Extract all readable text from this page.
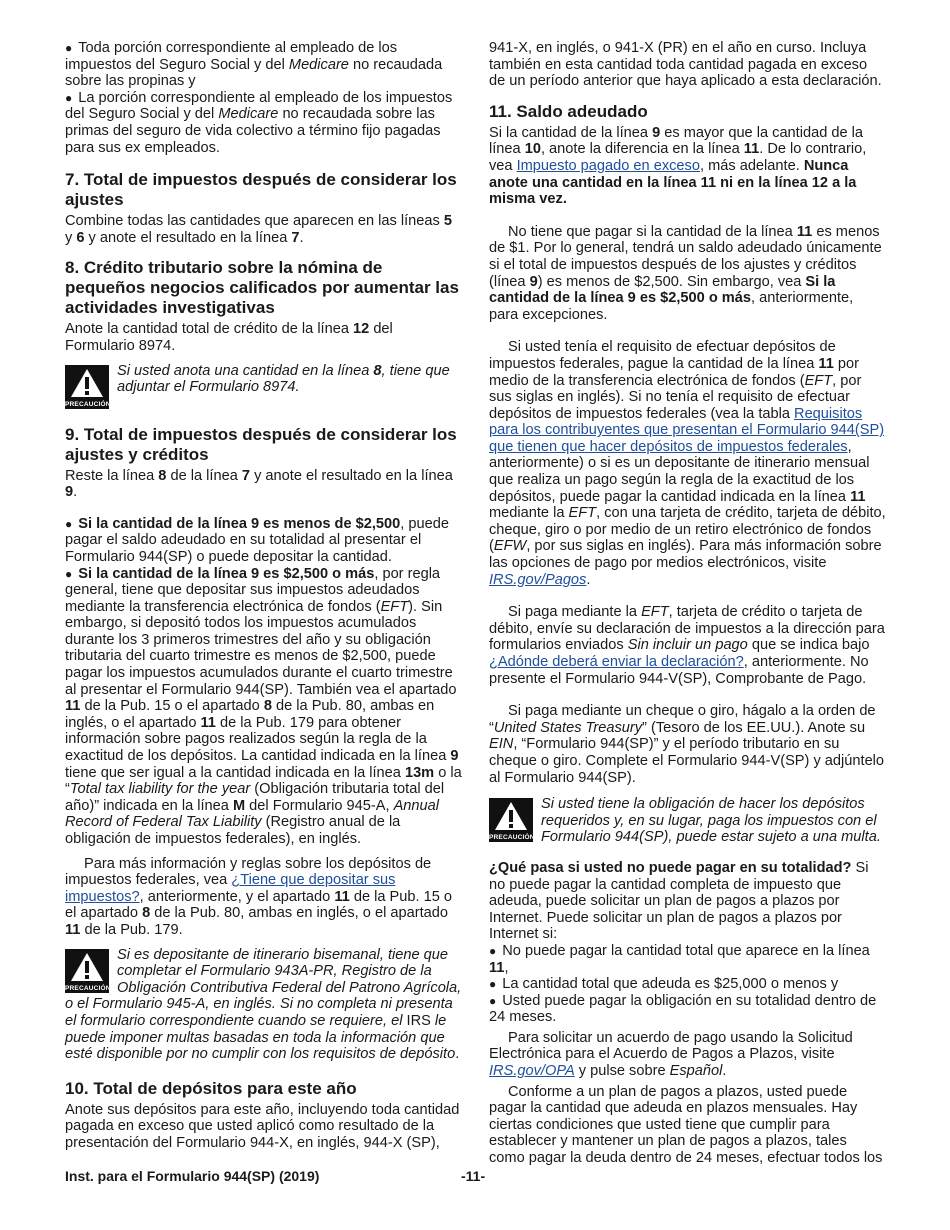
● Toda porción correspondiente al empleado de los impuestos del Seguro Social y del Medicare no recaudada sobre las propinas y

● La porción correspondiente al empleado de los impuestos del Seguro Social y del Medicare no recaudada sobre las primas del seguro de vida colectivo a término fijo pagadas para sus ex empleados.

7. Total de impuestos después de considerar los ajustes

Combine todas las cantidades que aparecen en las líneas 5 y 6 y anote el resultado en la línea 7.

8. Crédito tributario sobre la nómina de pequeños negocios calificados por aumentar las actividades investigativas

Anote la cantidad total de crédito de la línea 12 del Formulario 8974.

PRECAUCIÓN

Si usted anota una cantidad en la línea 8, tiene que adjuntar el Formulario 8974.

9. Total de impuestos después de considerar los ajustes y créditos

Reste la línea 8 de la línea 7 y anote el resultado en la línea 9.

● Si la cantidad de la línea 9 es menos de $2,500, puede pagar el saldo adeudado en su totalidad al presentar el Formulario 944(SP) o puede depositar la cantidad.

● Si la cantidad de la línea 9 es $2,500 o más, por regla general, tiene que depositar sus impuestos adeudados mediante la transferencia electrónica de fondos (EFT). Sin embargo, si depositó todos los impuestos acumulados durante los 3 primeros trimestres del año y su obligación tributaria del cuarto trimestre es menos de $2,500, puede pagar los impuestos acumulados durante el cuarto trimestre al presentar el Formulario 944(SP). También vea el apartado 11 de la Pub. 15 o el apartado 8 de la Pub. 80, ambas en inglés, o el apartado 11 de la Pub. 179 para obtener información sobre pagos realizados según la regla de la exactitud de los depósitos. La cantidad indicada en la línea 9 tiene que ser igual a la cantidad indicada en la línea 13m o la “Total tax liability for the year (Obligación tributaria total del año)” indicada en la línea M del Formulario 945-A, Annual Record of Federal Tax Liability (Registro anual de la obligación de impuestos federales), en inglés.

Para más información y reglas sobre los depósitos de impuestos federales, vea ¿Tiene que depositar sus impuestos?, anteriormente, y el apartado 11 de la Pub. 15 o el apartado 8 de la Pub. 80, ambas en inglés, o el apartado 11 de la Pub. 179.

PRECAUCIÓN

Si es depositante de itinerario bisemanal, tiene que completar el Formulario 943A-PR, Registro de la Obligación Contributiva Federal del Patrono Agrícola, o el Formulario 945-A, en inglés. Si no completa ni presenta el formulario correspondiente cuando se requiere, el IRS le puede imponer multas basadas en toda la información que esté disponible por no cumplir con los requisitos de depósito.

10. Total de depósitos para este año

Anote sus depósitos para este año, incluyendo toda cantidad pagada en exceso que usted aplicó como resultado de la presentación del Formulario 944-X, en inglés, 944-X (SP),

941-X, en inglés, o 941-X (PR) en el año en curso. Incluya también en esta cantidad toda cantidad pagada en exceso de un período anterior que haya aplicado a esta declaración.

11. Saldo adeudado

Si la cantidad de la línea 9 es mayor que la cantidad de la línea 10, anote la diferencia en la línea 11. De lo contrario, vea Impuesto pagado en exceso, más adelante. Nunca anote una cantidad en la línea 11 ni en la línea 12 a la misma vez.

No tiene que pagar si la cantidad de la línea 11 es menos de $1. Por lo general, tendrá un saldo adeudado únicamente si el total de impuestos después de los ajustes y créditos (línea 9) es menos de $2,500. Sin embargo, vea Si la cantidad de la línea 9 es $2,500 o más, anteriormente, para excepciones.

Si usted tenía el requisito de efectuar depósitos de impuestos federales, pague la cantidad de la línea 11 por medio de la transferencia electrónica de fondos (EFT, por sus siglas en inglés). Si no tenía el requisito de efectuar depósitos de impuestos federales (vea la tabla Requisitos para los contribuyentes que presentan el Formulario 944(SP) que tienen que hacer depósitos de impuestos federales, anteriormente) o si es un depositante de itinerario mensual que realiza un pago según la regla de la exactitud de los depósitos, puede pagar la cantidad indicada en la línea 11 mediante la EFT, con una tarjeta de crédito, tarjeta de débito, cheque, giro o por medio de un retiro electrónico de fondos (EFW, por sus siglas en inglés). Para más información sobre las opciones de pago por medios electrónicos, visite IRS.gov/Pagos.

Si paga mediante la EFT, tarjeta de crédito o tarjeta de débito, envíe su declaración de impuestos a la dirección para formularios enviados Sin incluir un pago que se indica bajo ¿Adónde deberá enviar la declaración?, anteriormente. No presente el Formulario 944-V(SP), Comprobante de Pago.

Si paga mediante un cheque o giro, hágalo a la orden de “United States Treasury” (Tesoro de los EE.UU.). Anote su EIN, “Formulario 944(SP)” y el período tributario en su cheque o giro. Complete el Formulario 944-V(SP) y adjúntelo al Formulario 944(SP).

PRECAUCIÓN

Si usted tiene la obligación de hacer los depósitos requeridos y, en su lugar, paga los impuestos con el Formulario 944(SP), puede estar sujeto a una multa.

¿Qué pasa si usted no puede pagar en su totalidad? Si no puede pagar la cantidad completa de impuesto que adeuda, puede solicitar un plan de pagos a plazos por Internet. Puede solicitar un plan de pagos a plazos por Internet si:

● No puede pagar la cantidad total que aparece en la línea 11,

● La cantidad total que adeuda es $25,000 o menos y

● Usted puede pagar la obligación en su totalidad dentro de 24 meses.

Para solicitar un acuerdo de pago usando la Solicitud Electrónica para el Acuerdo de Pagos a Plazos, visite IRS.gov/OPA y pulse sobre Español.

Conforme a un plan de pagos a plazos, usted puede pagar la cantidad que adeuda en plazos mensuales. Hay ciertas condiciones que usted tiene que cumplir para establecer y mantener un plan de pagos a plazos, tales como pagar la deuda dentro de 24 meses, efectuar todos los

Inst. para el Formulario 944(SP) (2019)	-11-
